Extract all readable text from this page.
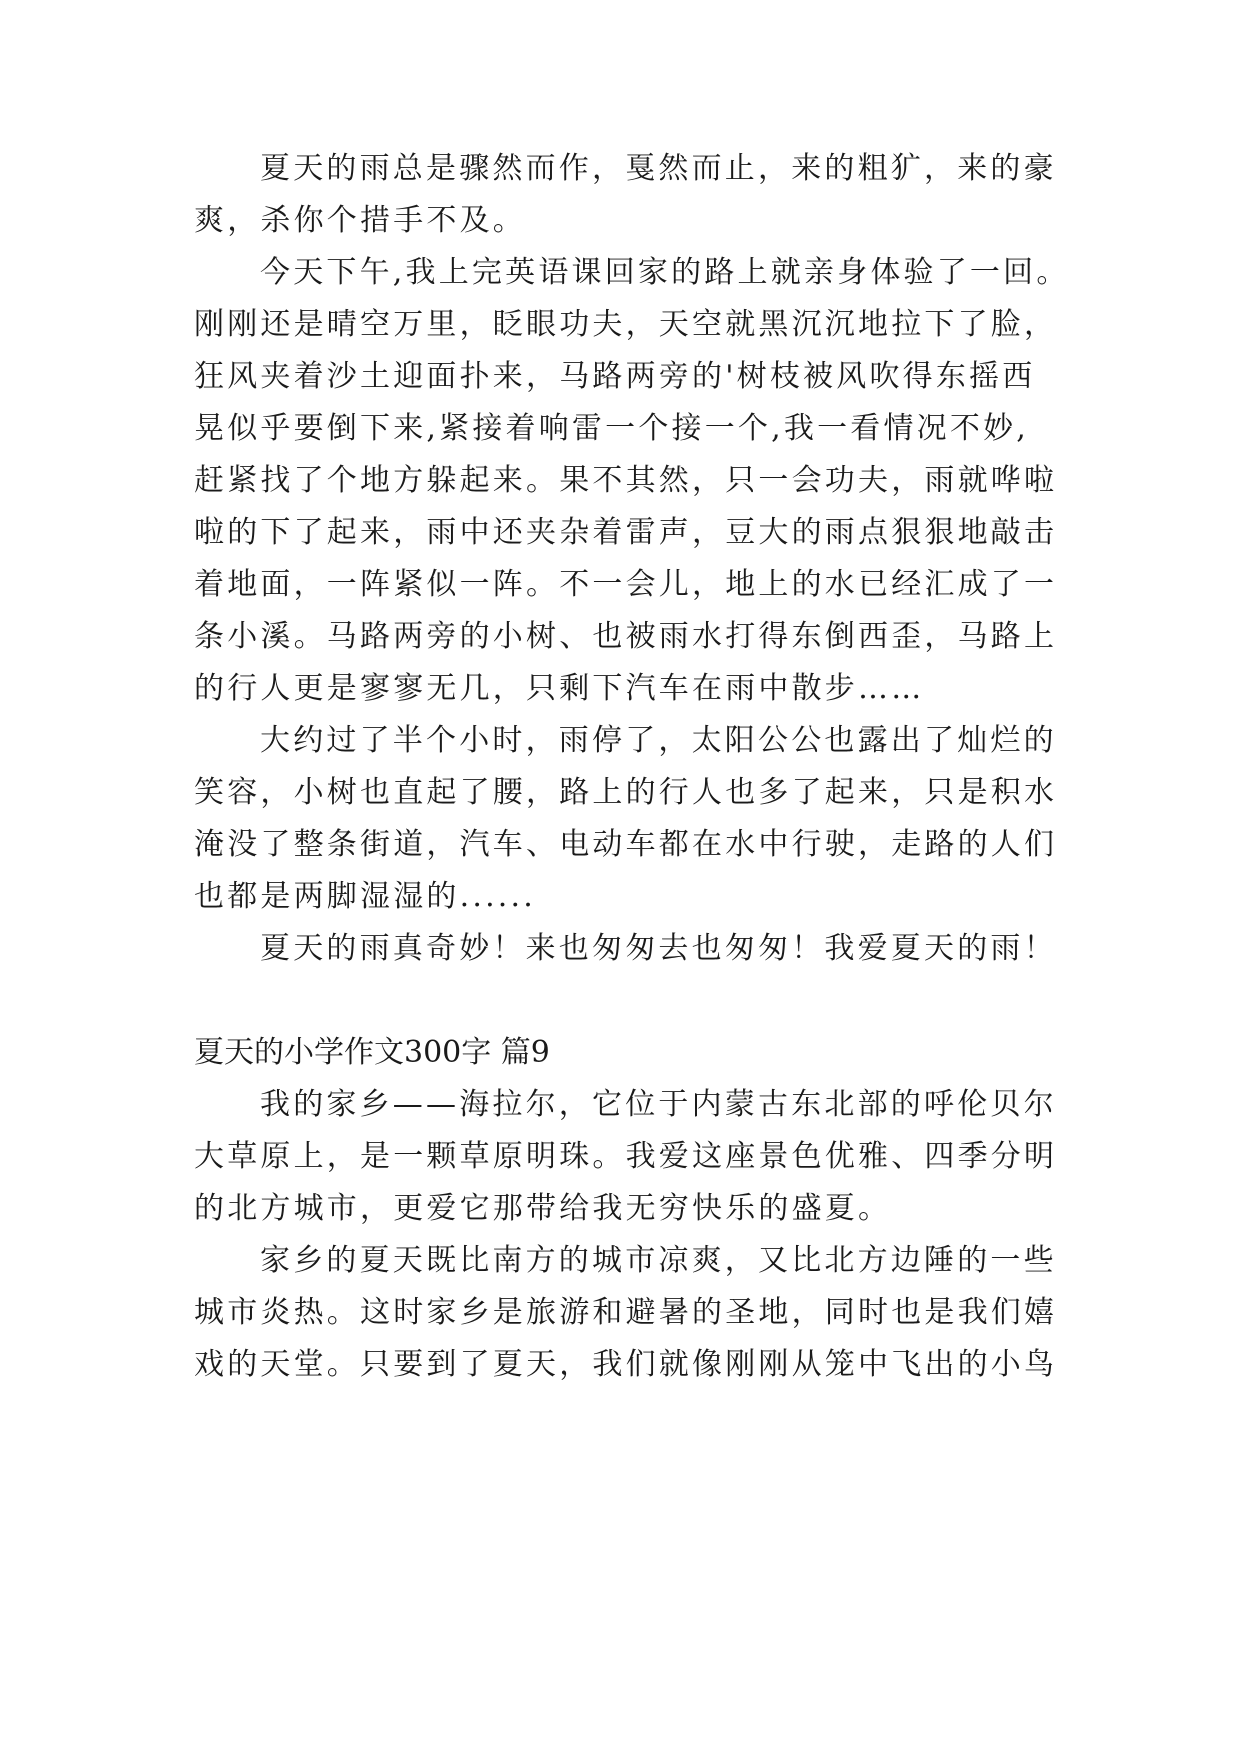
夏天的雨总是骤然而作，戛然而止，来的粗犷，来的豪
爽，杀你个措手不及。
今天下午,我上完英语课回家的路上就亲身体验了一回。
刚刚还是晴空万里，眨眼功夫，天空就黑沉沉地拉下了脸，
狂风夹着沙土迎面扑来，马路两旁的'树枝被风吹得东摇西
晃似乎要倒下来,紧接着响雷一个接一个,我一看情况不妙,
赶紧找了个地方躲起来。果不其然，只一会功夫，雨就哗啦
啦的下了起来，雨中还夹杂着雷声，豆大的雨点狠狠地敲击
着地面，一阵紧似一阵。不一会儿，地上的水已经汇成了一
条小溪。马路两旁的小树、也被雨水打得东倒西歪，马路上
的行人更是寥寥无几，只剩下汽车在雨中散步……
大约过了半个小时，雨停了，太阳公公也露出了灿烂的
笑容，小树也直起了腰，路上的行人也多了起来，只是积水
淹没了整条街道，汽车、电动车都在水中行驶，走路的人们
也都是两脚湿湿的......
夏天的雨真奇妙！来也匆匆去也匆匆！我爱夏天的雨！
夏天的小学作文300字 篇9
我的家乡——海拉尔，它位于内蒙古东北部的呼伦贝尔
大草原上，是一颗草原明珠。我爱这座景色优雅、四季分明
的北方城市，更爱它那带给我无穷快乐的盛夏。
家乡的夏天既比南方的城市凉爽，又比北方边陲的一些
城市炎热。这时家乡是旅游和避暑的圣地，同时也是我们嬉
戏的天堂。只要到了夏天，我们就像刚刚从笼中飞出的小鸟
